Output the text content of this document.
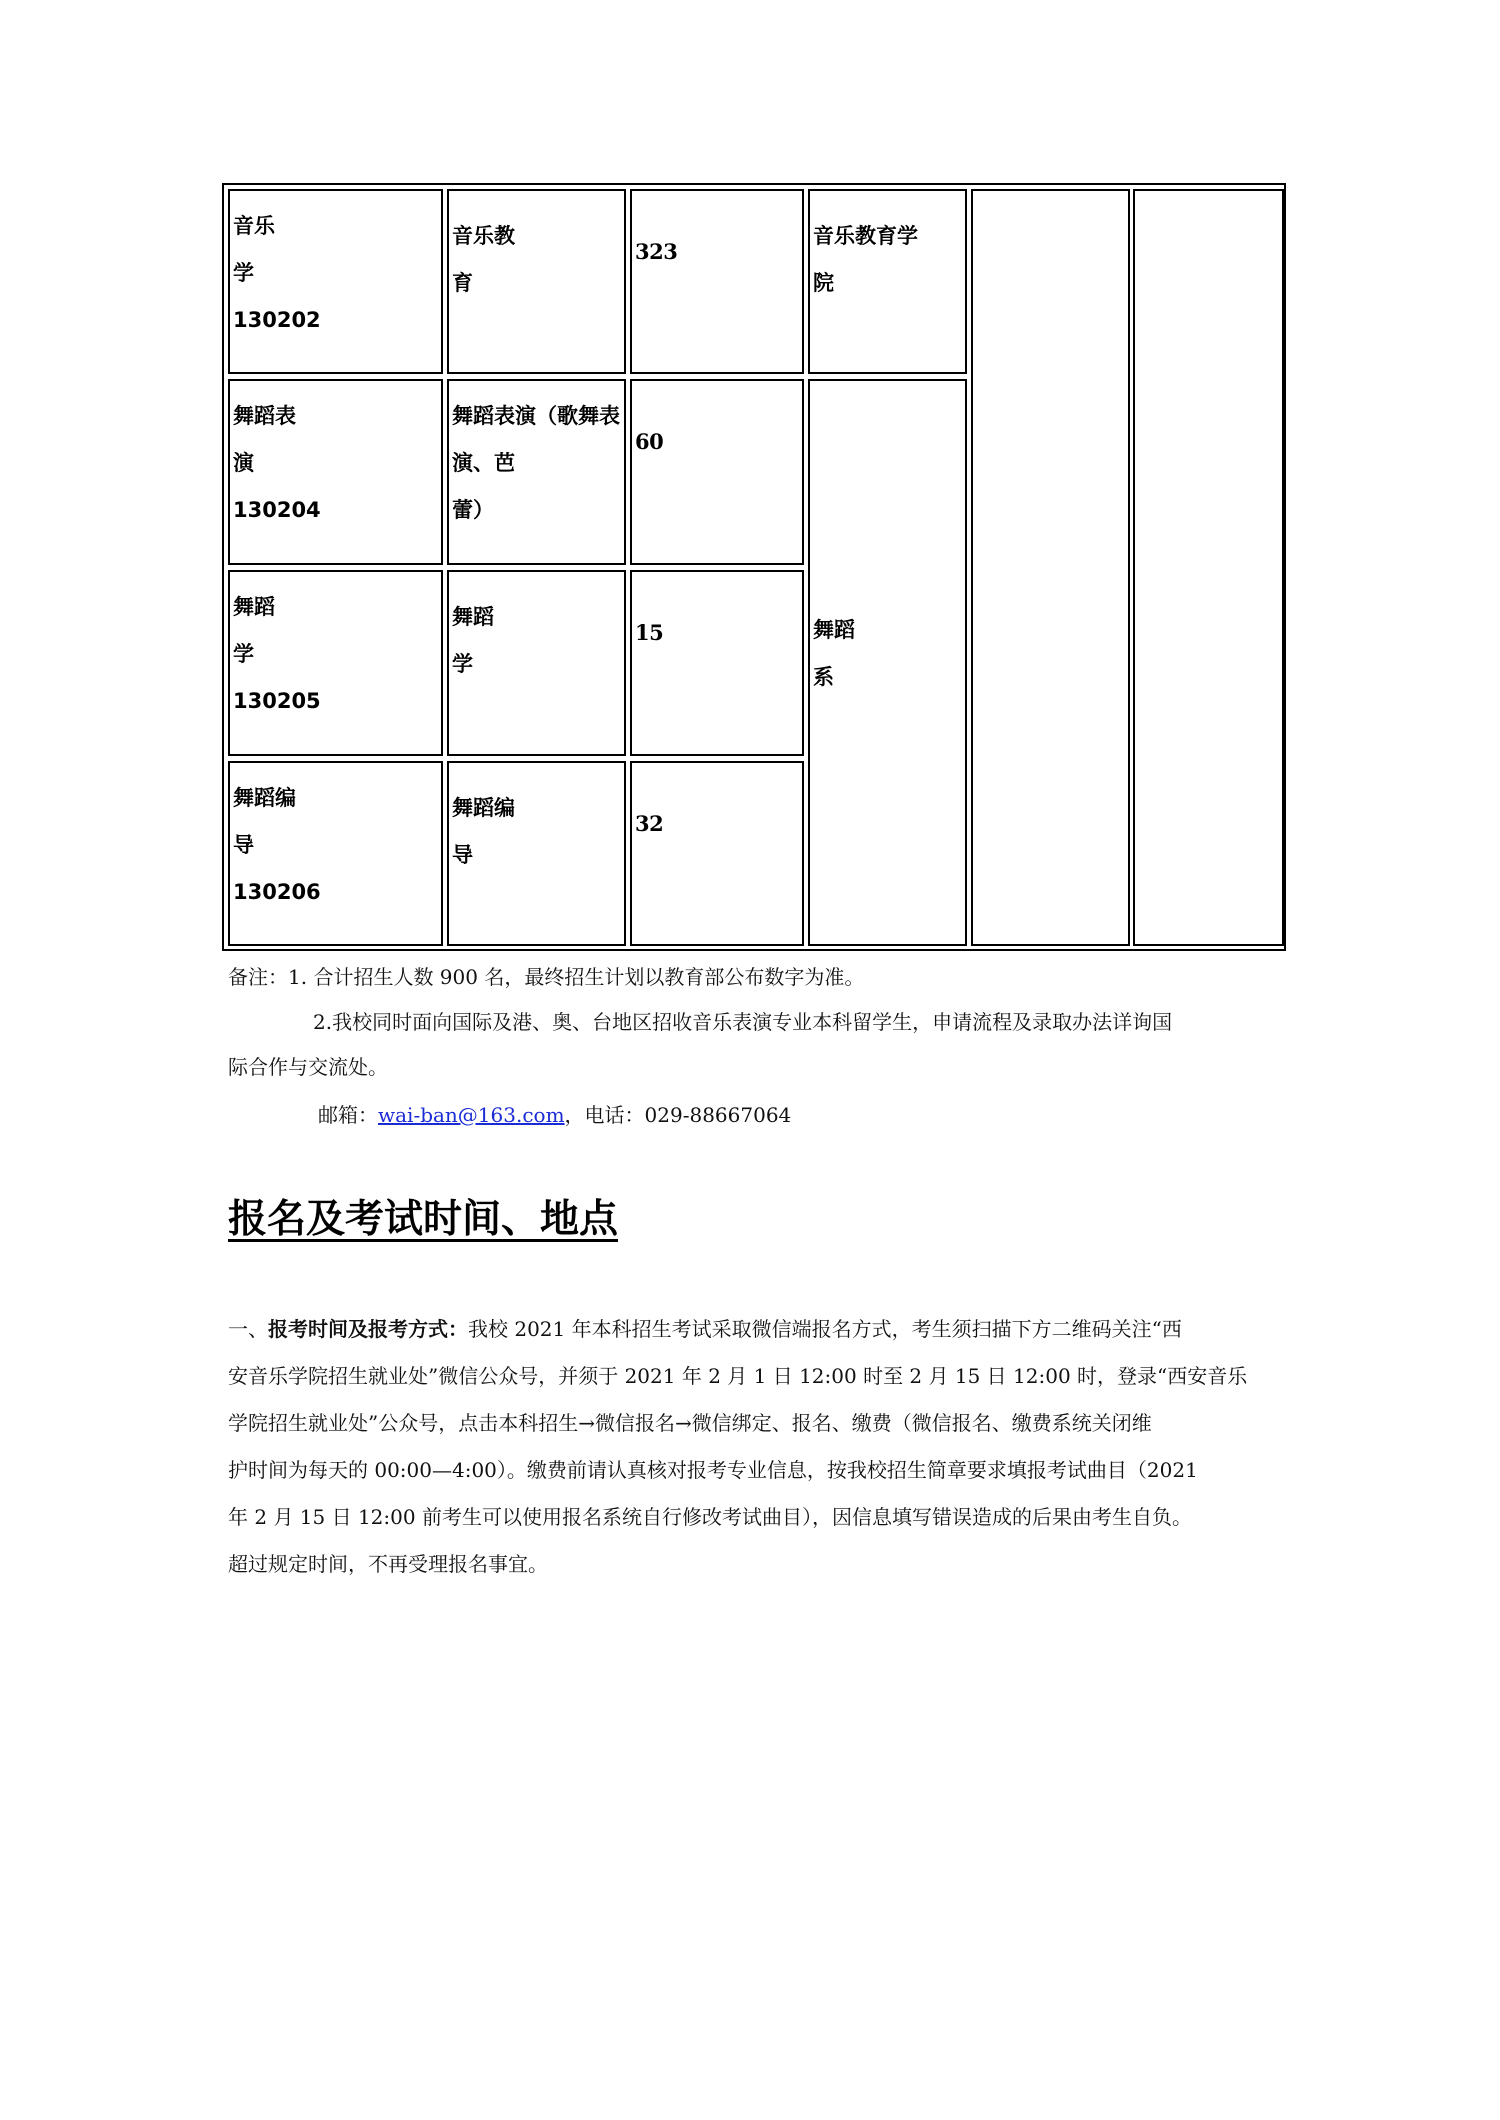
音乐
学
130202
音乐教
育
323
音乐教育学
院
舞蹈表
演
130204
舞蹈表演（歌舞表
演、芭
蕾）
60
舞蹈
系
舞蹈
学
130205
舞蹈
学
15
舞蹈编
导
130206
舞蹈编
导
32
备注：1. 合计招生人数 900 名，最终招生计划以教育部公布数字为准。
2.我校同时面向国际及港、奥、台地区招收音乐表演专业本科留学生，申请流程及录取办法详询国
际合作与交流处。
邮箱：wai-ban@163.com，电话：029-88667064
报名及考试时间、地点
一、报考时间及报考方式：我校 2021 年本科招生考试采取微信端报名方式，考生须扫描下方二维码关注“西
安音乐学院招生就业处”微信公众号，并须于 2021 年 2 月 1 日 12:00 时至 2 月 15 日 12:00 时，登录“西安音乐
学院招生就业处”公众号，点击本科招生→微信报名→微信绑定、报名、缴费（微信报名、缴费系统关闭维
护时间为每天的 00:00—4:00）。缴费前请认真核对报考专业信息，按我校招生简章要求填报考试曲目（2021
年 2 月 15 日 12:00 前考生可以使用报名系统自行修改考试曲目），因信息填写错误造成的后果由考生自负。
超过规定时间，不再受理报名事宜。
